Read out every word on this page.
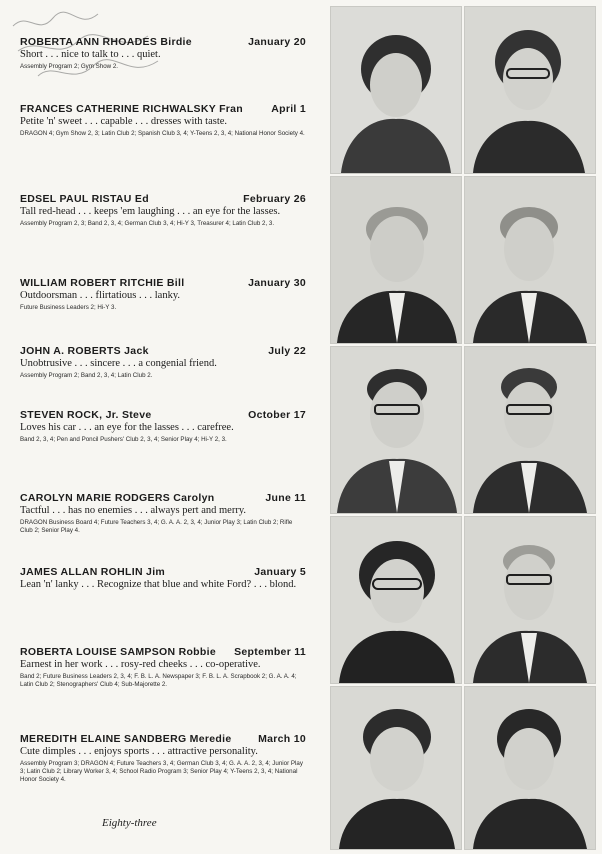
ROBERTA ANN RHOADES Birdie	January 20
Short . . . nice to talk to . . . quiet.
Assembly Program 2; Gym Show 2.
FRANCES CATHERINE RICHWALSKY Fran	April 1
Petite 'n' sweet . . . capable . . . dresses with taste.
DRAGON 4; Gym Show 2, 3; Latin Club 2; Spanish Club 3, 4; Y-Teens 2, 3, 4; National Honor Society 4.
EDSEL PAUL RISTAU Ed	February 26
Tall red-head . . . keeps 'em laughing . . . an eye for the lasses.
Assembly Program 2, 3; Band 2, 3, 4; German Club 3, 4; Hi-Y 3, Treasurer 4; Latin Club 2, 3.
WILLIAM ROBERT RITCHIE Bill	January 30
Outdoorsman . . . flirtatious . . . lanky.
Future Business Leaders 2; Hi-Y 3.
JOHN A. ROBERTS Jack	July 22
Unobtrusive . . . sincere . . . a congenial friend.
Assembly Program 2; Band 2, 3, 4; Latin Club 2.
STEVEN ROCK, Jr. Steve	October 17
Loves his car . . . an eye for the lasses . . . carefree.
Band 2, 3, 4; Pen and Poncil Pushers' Club 2, 3, 4; Senior Play 4; Hi-Y 2, 3.
CAROLYN MARIE RODGERS Carolyn	June 11
Tactful . . . has no enemies . . . always pert and merry.
DRAGON Business Board 4; Future Teachers 3, 4; G. A. A. 2, 3, 4; Junior Play 3; Latin Club 2; Rifle Club 2; Senior Play 4.
JAMES ALLAN ROHLIN Jim	January 5
Lean 'n' lanky . . . Recognize that blue and white Ford? . . . blond.
ROBERTA LOUISE SAMPSON Robbie September 11
Earnest in her work . . . rosy-red cheeks . . . co-operative.
Band 2; Future Business Leaders 2, 3, 4; F. B. L. A. Newspaper 3; F. B. L. A. Scrapbook 2; G. A. A. 4; Latin Club 2; Stenographers' Club 4; Sub-Majorette 2.
MEREDITH ELAINE SANDBERG Meredie	March 10
Cute dimples . . . enjoys sports . . . attractive personality.
Assembly Program 3; DRAGON 4; Future Teachers 3, 4; German Club 3, 4; G. A. A. 2, 3, 4; Junior Play 3; Latin Club 2; Library Worker 3, 4; School Radio Program 3; Senior Play 4; Y-Teens 2, 3, 4; National Honor Society 4.
Eighty-three
